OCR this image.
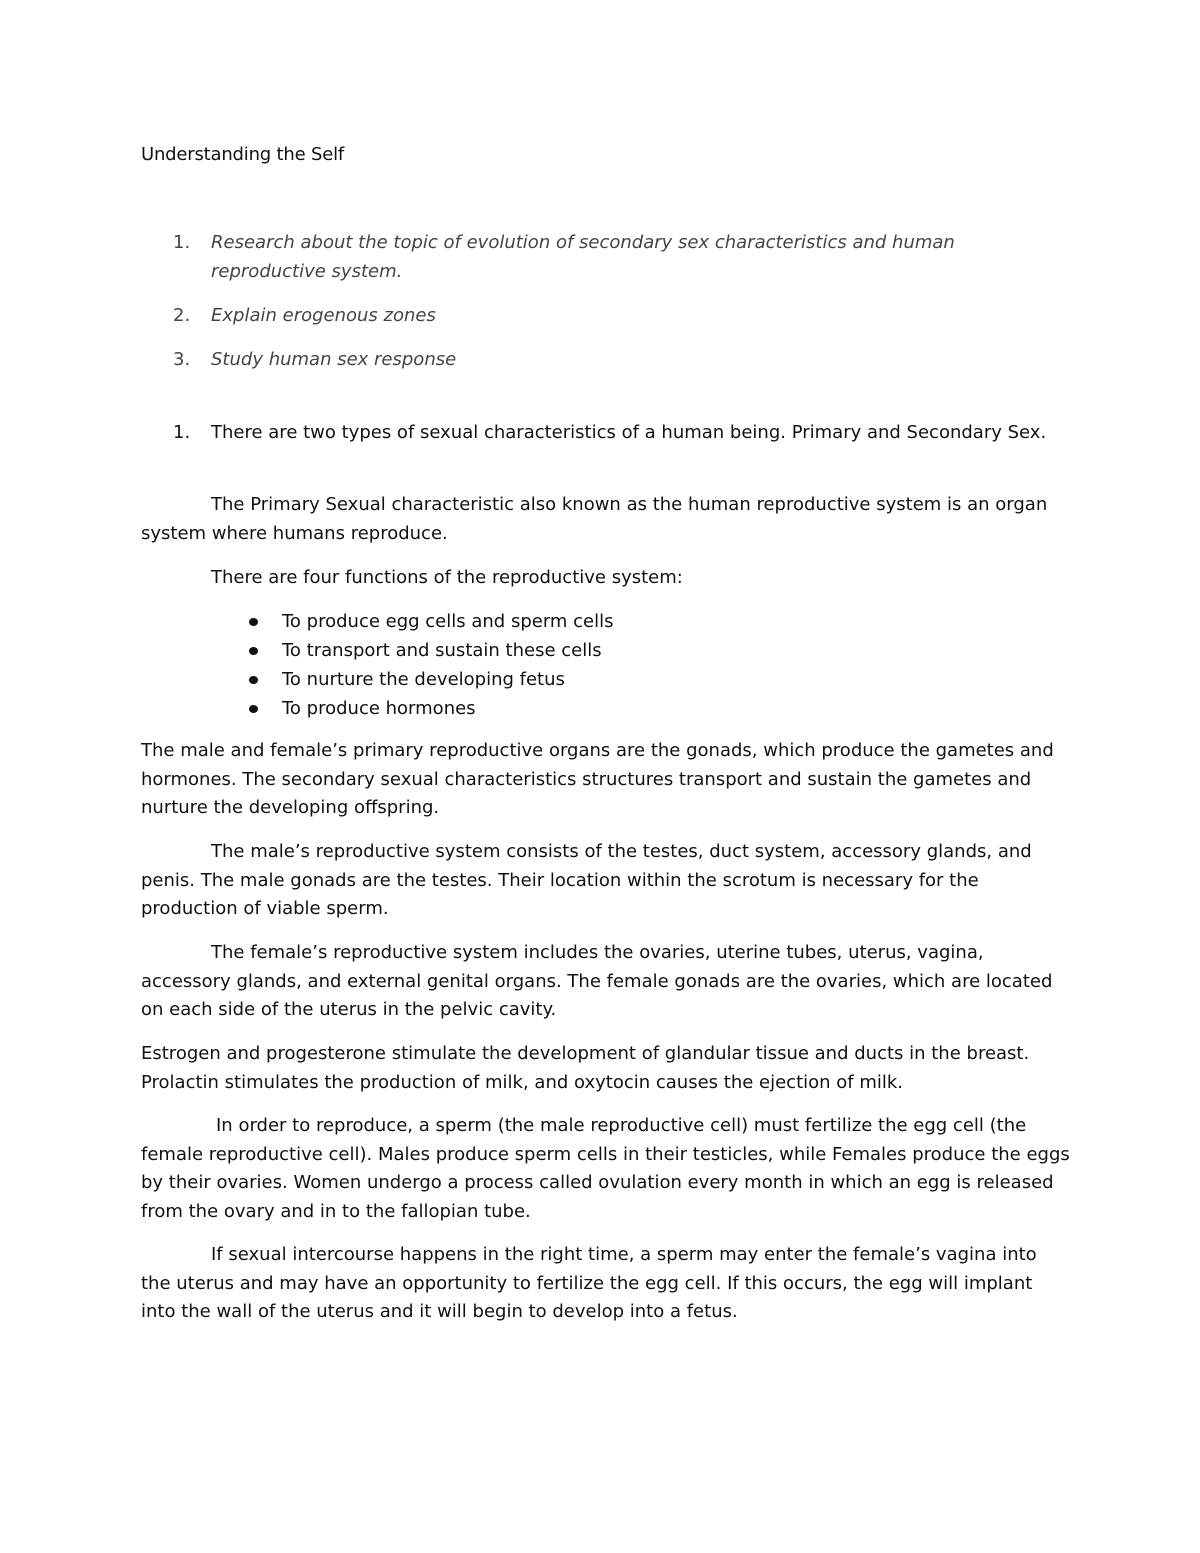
Understanding the Self
1. Research about the topic of evolution of secondary sex characteristics and human reproductive system.
2. Explain erogenous zones
3. Study human sex response
1. There are two types of sexual characteristics of a human being. Primary and Secondary Sex.
The Primary Sexual characteristic also known as the human reproductive system is an organ system where humans reproduce.
There are four functions of the reproductive system:
To produce egg cells and sperm cells
To transport and sustain these cells
To nurture the developing fetus
To produce hormones
The male and female’s primary reproductive organs are the gonads, which produce the gametes and hormones. The secondary sexual characteristics structures transport and sustain the gametes and nurture the developing offspring.
The male’s reproductive system consists of the testes, duct system, accessory glands, and penis. The male gonads are the testes. Their location within the scrotum is necessary for the production of viable sperm.
The female’s reproductive system includes the ovaries, uterine tubes, uterus, vagina, accessory glands, and external genital organs. The female gonads are the ovaries, which are located on each side of the uterus in the pelvic cavity.
Estrogen and progesterone stimulate the development of glandular tissue and ducts in the breast. Prolactin stimulates the production of milk, and oxytocin causes the ejection of milk.
In order to reproduce, a sperm (the male reproductive cell) must fertilize the egg cell (the female reproductive cell). Males produce sperm cells in their testicles, while Females produce the eggs by their ovaries. Women undergo a process called ovulation every month in which an egg is released from the ovary and in to the fallopian tube.
If sexual intercourse happens in the right time, a sperm may enter the female’s vagina into the uterus and may have an opportunity to fertilize the egg cell. If this occurs, the egg will implant into the wall of the uterus and it will begin to develop into a fetus.
